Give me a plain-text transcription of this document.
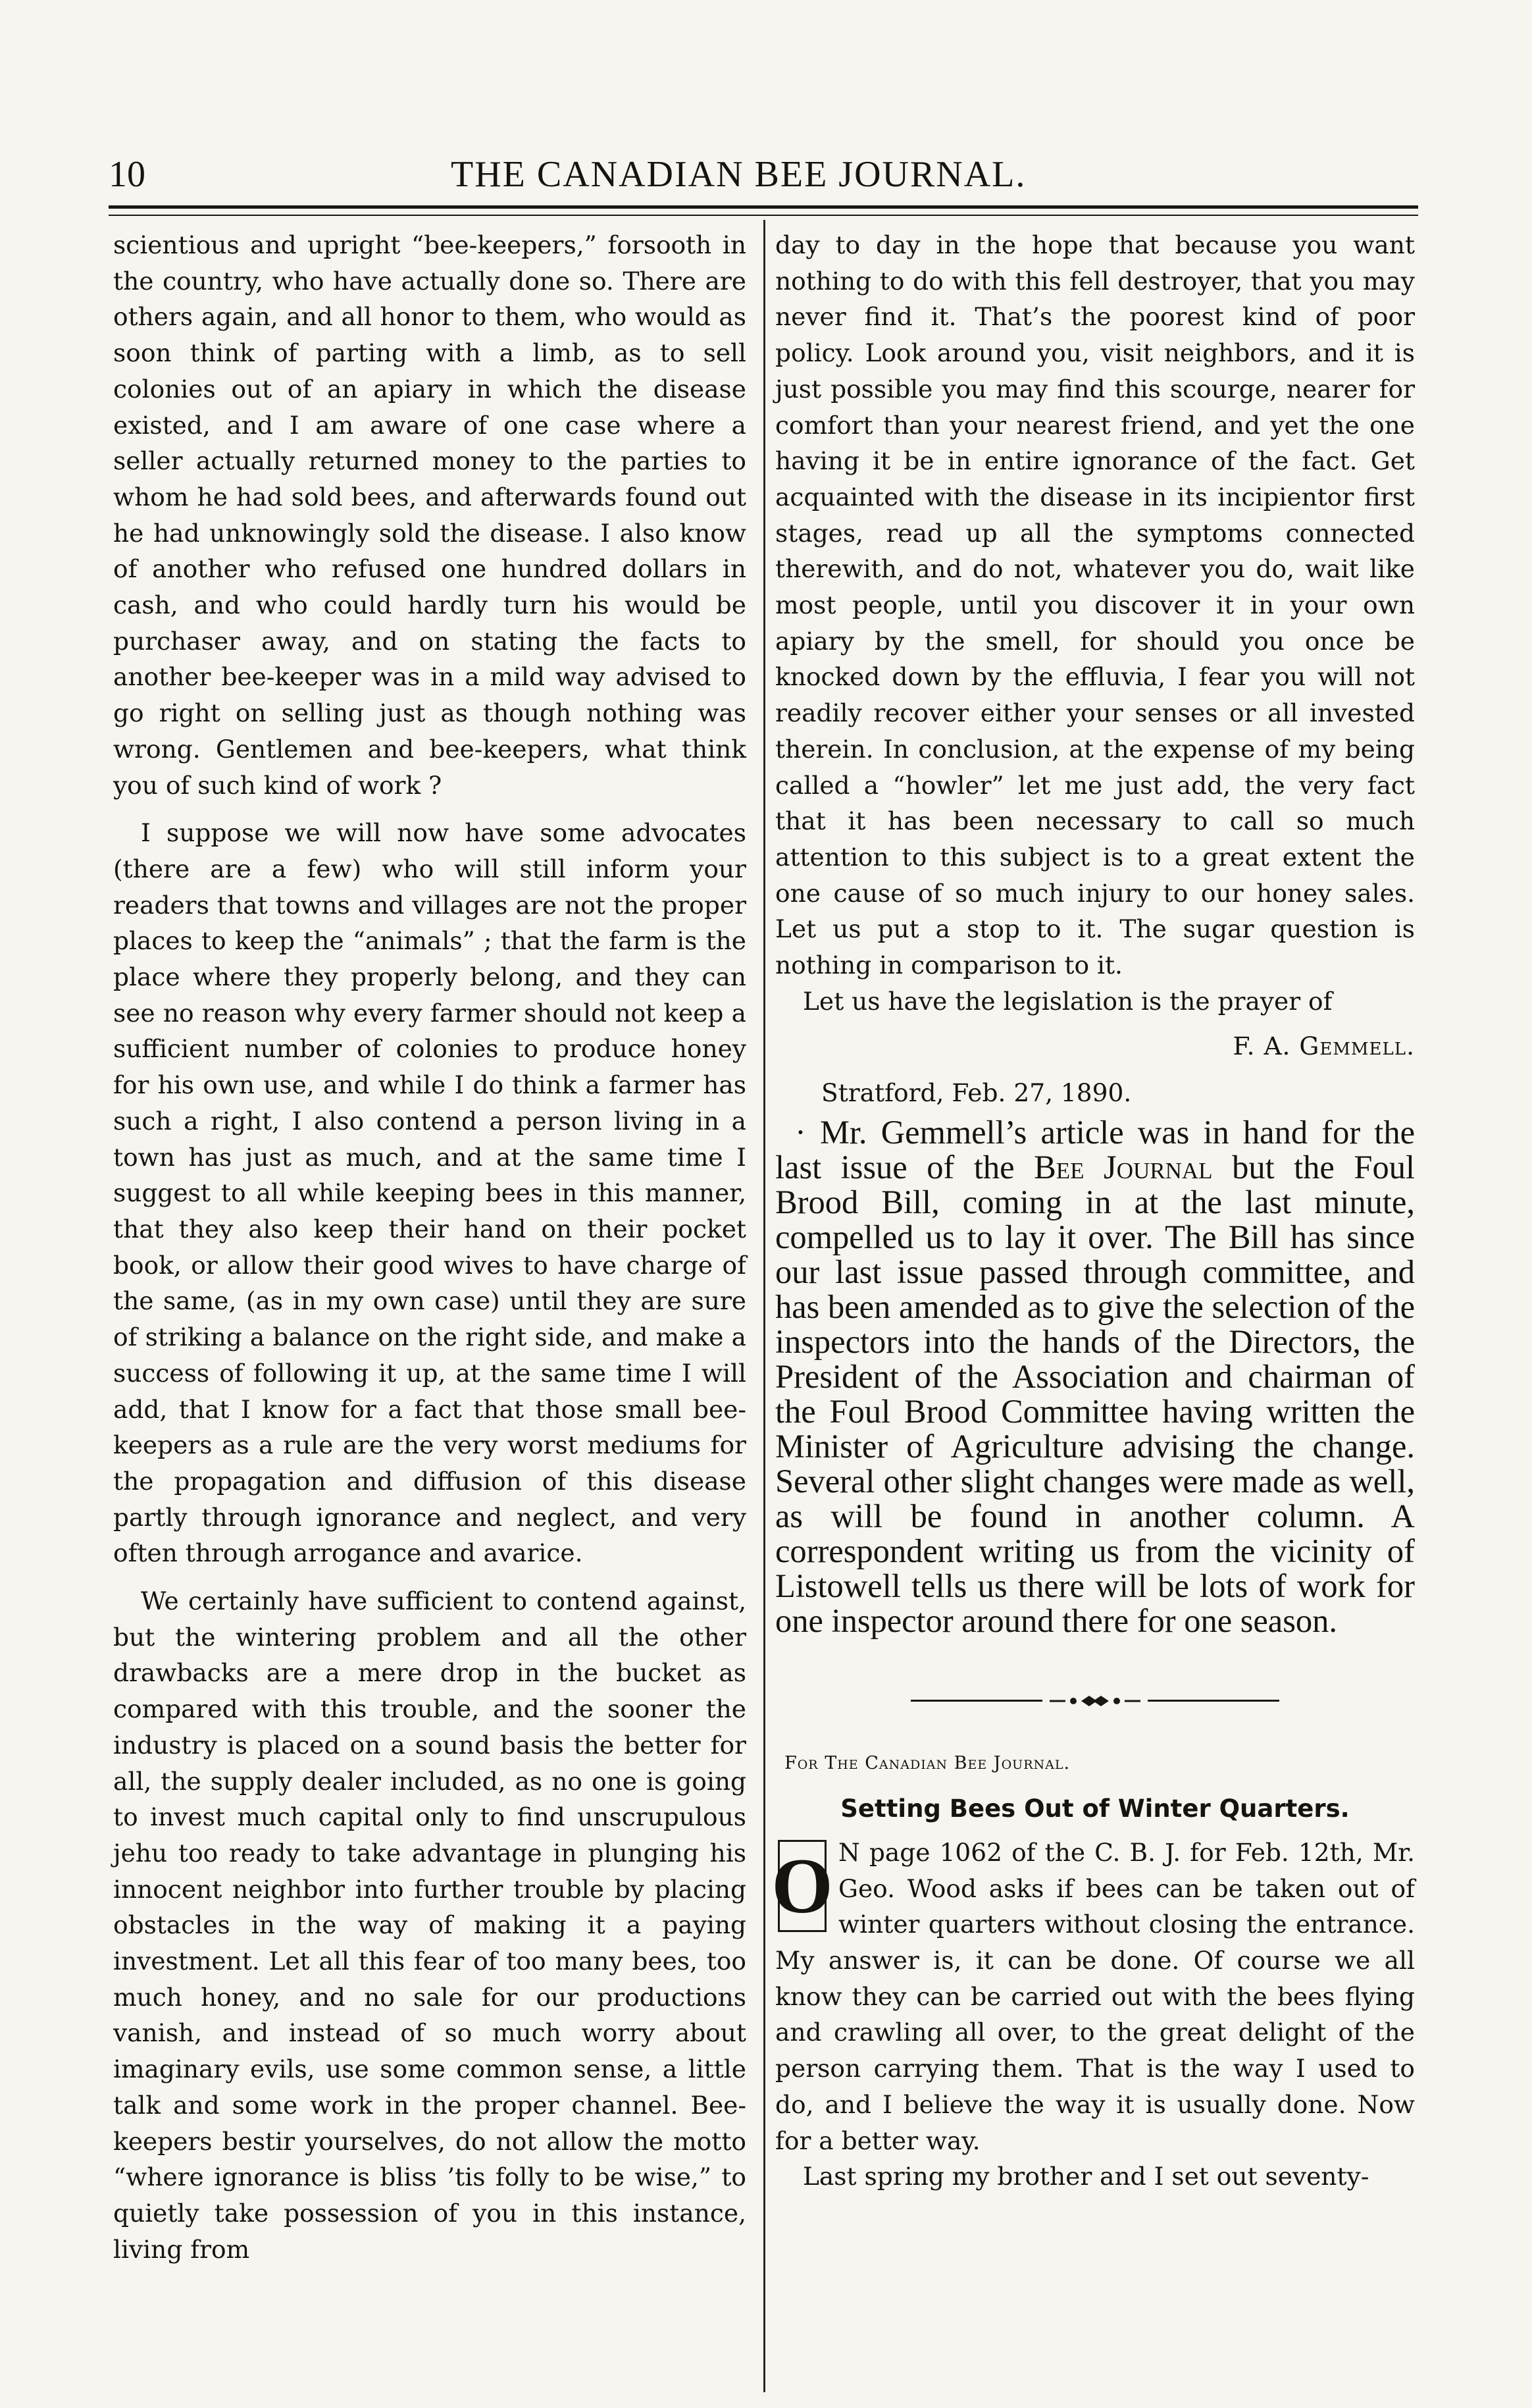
10	THE CANADIAN BEE JOURNAL.

scientious and upright “bee-keepers,” forsooth in the country, who have actually done so. There are others again, and all honor to them, who would as soon think of parting with a limb, as to sell colonies out of an apiary in which the disease existed, and I am aware of one case where a seller actually returned money to the parties to whom he had sold bees, and afterwards found out he had unknowingly sold the disease. I also know of another who refused one hundred dollars in cash, and who could hardly turn his would be purchaser away, and on stating the facts to another bee-keeper was in a mild way advised to go right on selling just as though nothing was wrong. Gentlemen and bee-keepers, what think you of such kind of work ?

I suppose we will now have some advocates (there are a few) who will still inform your readers that towns and villages are not the proper places to keep the “animals” ; that the farm is the place where they properly belong, and they can see no reason why every farmer should not keep a sufficient number of colonies to produce honey for his own use, and while I do think a farmer has such a right, I also contend a person living in a town has just as much, and at the same time I suggest to all while keeping bees in this manner, that they also keep their hand on their pocket book, or allow their good wives to have charge of the same, (as in my own case) until they are sure of striking a balance on the right side, and make a success of following it up, at the same time I will add, that I know for a fact that those small bee-keepers as a rule are the very worst mediums for the propagation and diffusion of this disease partly through ignorance and neglect, and very often through arrogance and avarice.

We certainly have sufficient to contend against, but the wintering problem and all the other drawbacks are a mere drop in the bucket as compared with this trouble, and the sooner the industry is placed on a sound basis the better for all, the supply dealer included, as no one is going to invest much capital only to find unscrupulous jehu too ready to take advantage in plunging his innocent neighbor into further trouble by placing obstacles in the way of making it a paying investment. Let all this fear of too many bees, too much honey, and no sale for our productions vanish, and instead of so much worry about imaginary evils, use some common sense, a little talk and some work in the proper channel. Bee-keepers bestir yourselves, do not allow the motto “where ignorance is bliss ’tis folly to be wise,” to quietly take possession of you in this instance, living from

day to day in the hope that because you want nothing to do with this fell destroyer, that you may never find it. That’s the poorest kind of poor policy. Look around you, visit neighbors, and it is just possible you may find this scourge, nearer for comfort than your nearest friend, and yet the one having it be in entire ignorance of the fact. Get acquainted with the disease in its incipientor first stages, read up all the symptoms connected therewith, and do not, whatever you do, wait like most people, until you discover it in your own apiary by the smell, for should you once be knocked down by the effluvia, I fear you will not readily recover either your senses or all invested therein. In conclusion, at the expense of my being called a “howler” let me just add, the very fact that it has been necessary to call so much attention to this subject is to a great extent the one cause of so much injury to our honey sales. Let us put a stop to it. The sugar question is nothing in comparison to it.

Let us have the legislation is the prayer of

F. A. Gemmell.

Stratford, Feb. 27, 1890.

· Mr. Gemmell’s article was in hand for the last issue of the Bee Journal but the Foul Brood Bill, coming in at the last minute, compelled us to lay it over. The Bill has since our last issue passed through committee, and has been amended as to give the selection of the inspectors into the hands of the Directors, the President of the Association and chairman of the Foul Brood Committee having written the Minister of Agriculture advising the change. Several other slight changes were made as well, as will be found in another column. A correspondent writing us from the vicinity of Listowell tells us there will be lots of work for one inspector around there for one season.

For The Canadian Bee Journal.

Setting Bees Out of Winter Quarters.

O N page 1062 of the C. B. J. for Feb. 12th, Mr. Geo. Wood asks if bees can be taken out of winter quarters without closing the entrance. My answer is, it can be done. Of course we all know they can be carried out with the bees flying and crawling all over, to the great delight of the person carrying them. That is the way I used to do, and I believe the way it is usually done. Now for a better way.

Last spring my brother and I set out seventy-
